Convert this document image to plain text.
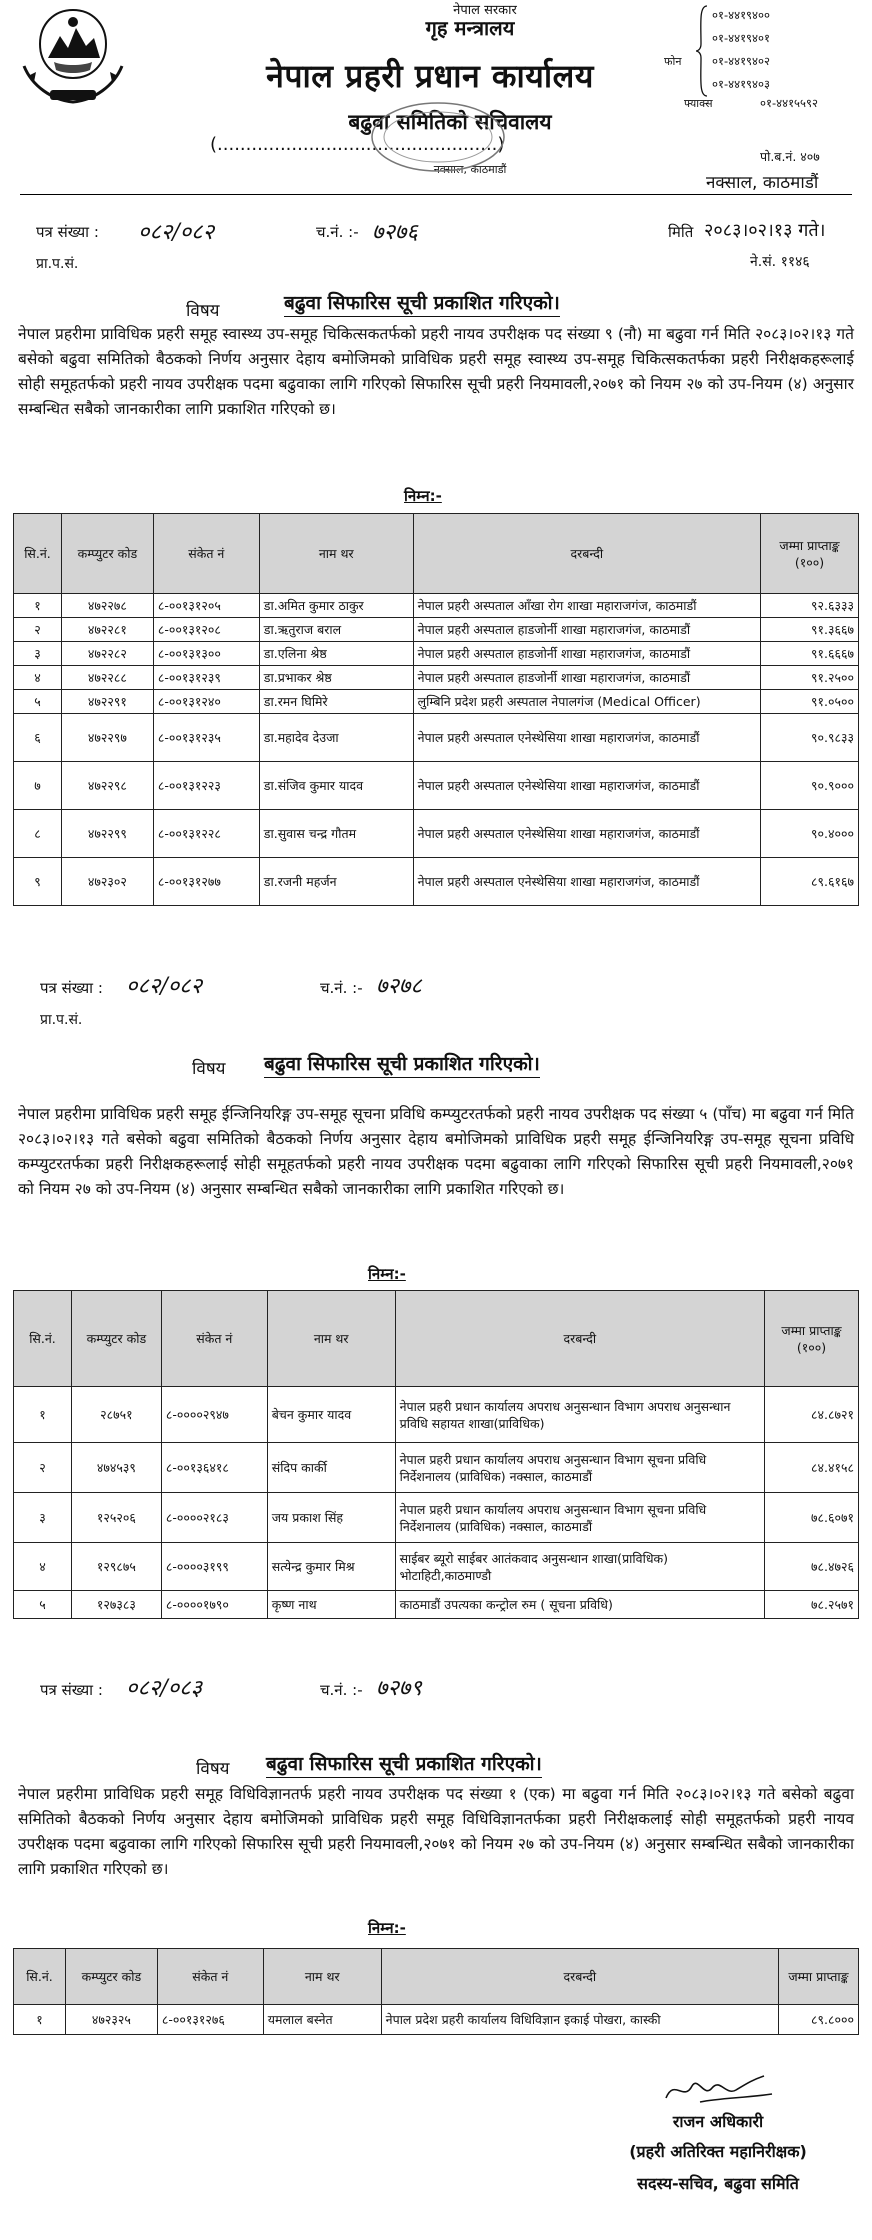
नेपाल सरकार
गृह मन्त्रालय
नेपाल प्रहरी प्रधान कार्यालय
बढुवा समितिको सचिवालय
(.................................................)
नक्साल, काठमाडौं
०१-४४१९४००
०१-४४१९४०१
०१-४४१९४०२
०१-४४१९४०३
फोन
फ्याक्स	०१-४४१५५९२
पो.ब.नं. ४०७
नक्साल, काठमाडौं
पत्र संख्या : ०८२/०८२	च.नं. :- ७२७६	मिति २०८३।०२।१३ गते।
प्रा.प.सं.	ने.सं. ११४६
विषय	बढुवा सिफारिस सूची प्रकाशित गरिएको।
नेपाल प्रहरीमा प्राविधिक प्रहरी समूह स्वास्थ्य उप-समूह चिकित्सकतर्फको प्रहरी नायव उपरीक्षक पद संख्या ९ (नौ) मा बढुवा गर्न मिति २०८३।०२।१३ गते बसेको बढुवा समितिको बैठकको निर्णय अनुसार देहाय बमोजिमको प्राविधिक प्रहरी समूह स्वास्थ्य उप-समूह चिकित्सकतर्फका प्रहरी निरीक्षकहरूलाई सोही समूहतर्फको प्रहरी नायव उपरीक्षक पदमा बढुवाका लागि गरिएको सिफारिस सूची प्रहरी नियमावली,२०७१ को नियम २७ को उप-नियम (४) अनुसार सम्बन्धित सबैको जानकारीका लागि प्रकाशित गरिएको छ।
निम्न:-
सि.नं.	कम्प्युटर कोड	संकेत नं	नाम थर	दरबन्दी	जम्मा प्राप्ताङ्क (१००)
१	४७२२७८	८-००१३१२०५	डा.अमित कुमार ठाकुर	नेपाल प्रहरी अस्पताल आँखा रोग शाखा महाराजगंज, काठमाडौं	९२.६३३३
२	४७२२८१	८-००१३१२०८	डा.ऋतुराज बराल	नेपाल प्रहरी अस्पताल हाडजोर्नी शाखा महाराजगंज, काठमाडौं	९१.३६६७
३	४७२२८२	८-००१३१३००	डा.एलिना श्रेष्ठ	नेपाल प्रहरी अस्पताल हाडजोर्नी शाखा महाराजगंज, काठमाडौं	९१.६६६७
४	४७२२८८	८-००१३१२३९	डा.प्रभाकर श्रेष्ठ	नेपाल प्रहरी अस्पताल हाडजोर्नी शाखा महाराजगंज, काठमाडौं	९१.२५००
५	४७२२९१	८-००१३१२४०	डा.रमन घिमिरे	लुम्बिनि प्रदेश प्रहरी अस्पताल नेपालगंज (Medical Officer)	९१.०५००
६	४७२२९७	८-००१३१२३५	डा.महादेव देउजा	नेपाल प्रहरी अस्पताल एनेस्थेसिया शाखा महाराजगंज, काठमाडौं	९०.९८३३
७	४७२२९८	८-००१३१२२३	डा.संजिव कुमार यादव	नेपाल प्रहरी अस्पताल एनेस्थेसिया शाखा महाराजगंज, काठमाडौं	९०.९०००
८	४७२२९९	८-००१३१२२८	डा.सुवास चन्द्र गौतम	नेपाल प्रहरी अस्पताल एनेस्थेसिया शाखा महाराजगंज, काठमाडौं	९०.४०००
९	४७२३०२	८-००१३१२७७	डा.रजनी महर्जन	नेपाल प्रहरी अस्पताल एनेस्थेसिया शाखा महाराजगंज, काठमाडौं	८९.६१६७
पत्र संख्या : ०८२/०८२	च.नं. :- ७२७८
प्रा.प.सं.
विषय बढुवा सिफारिस सूची प्रकाशित गरिएको।
नेपाल प्रहरीमा प्राविधिक प्रहरी समूह ईन्जिनियरिङ्ग उप-समूह सूचना प्रविधि कम्प्युटरतर्फको प्रहरी नायव उपरीक्षक पद संख्या ५ (पाँच) मा बढुवा गर्न मिति २०८३।०२।१३ गते बसेको बढुवा समितिको बैठकको निर्णय अनुसार देहाय बमोजिमको प्राविधिक प्रहरी समूह ईन्जिनियरिङ्ग उप-समूह सूचना प्रविधि कम्प्युटरतर्फका प्रहरी निरीक्षकहरूलाई सोही समूहतर्फको प्रहरी नायव उपरीक्षक पदमा बढुवाका लागि गरिएको सिफारिस सूची प्रहरी नियमावली,२०७१ को नियम २७ को उप-नियम (४) अनुसार सम्बन्धित सबैको जानकारीका लागि प्रकाशित गरिएको छ।
निम्न:-
सि.नं.	कम्प्युटर कोड	संकेत नं	नाम थर	दरबन्दी	जम्मा प्राप्ताङ्क (१००)
१	२८७५१	८-००००२९४७	बेचन कुमार यादव	नेपाल प्रहरी प्रधान कार्यालय अपराध अनुसन्धान विभाग अपराध अनुसन्धान प्रविधि सहायत शाखा(प्राविधिक)	८४.८७२१
२	४७४५३९	८-००१३६४१८	संदिप कार्की	नेपाल प्रहरी प्रधान कार्यालय अपराध अनुसन्धान विभाग सूचना प्रविधि निर्देशनालय (प्राविधिक) नक्साल, काठमाडौं	८४.४१५८
३	१२५२०६	८-००००२१८३	जय प्रकाश सिंह	नेपाल प्रहरी प्रधान कार्यालय अपराध अनुसन्धान विभाग सूचना प्रविधि निर्देशनालय (प्राविधिक) नक्साल, काठमाडौं	७८.६०७१
४	१२९८७५	८-००००३१९९	सत्येन्द्र कुमार मिश्र	साईबर ब्यूरो साईबर आतंकवाद अनुसन्धान शाखा(प्राविधिक) भोटाहिटी,काठमाण्डौ	७८.४७२६
५	१२७३८३	८-००००१७९०	कृष्ण नाथ	काठमाडौं उपत्यका कन्ट्रोल रुम ( सूचना प्रविधि)	७८.२५७१
पत्र संख्या : ०८२/०८३	च.नं. :- ७२७९
विषय बढुवा सिफारिस सूची प्रकाशित गरिएको।
नेपाल प्रहरीमा प्राविधिक प्रहरी समूह विधिविज्ञानतर्फ प्रहरी नायव उपरीक्षक पद संख्या १ (एक) मा बढुवा गर्न मिति २०८३।०२।१३ गते बसेको बढुवा समितिको बैठकको निर्णय अनुसार देहाय बमोजिमको प्राविधिक प्रहरी समूह विधिविज्ञानतर्फका प्रहरी निरीक्षकलाई सोही समूहतर्फको प्रहरी नायव उपरीक्षक पदमा बढुवाका लागि गरिएको सिफारिस सूची प्रहरी नियमावली,२०७१ को नियम २७ को उप-नियम (४) अनुसार सम्बन्धित सबैको जानकारीका लागि प्रकाशित गरिएको छ।
निम्न:-
सि.नं.	कम्प्युटर कोड	संकेत नं	नाम थर	दरबन्दी	जम्मा प्राप्ताङ्क
१	४७२३२५	८-००१३१२७६	यमलाल बस्नेत	नेपाल प्रदेश प्रहरी कार्यालय विधिविज्ञान इकाई पोखरा, कास्की	८९.८०००
राजन अधिकारी
(प्रहरी अतिरिक्त महानिरीक्षक)
सदस्य-सचिव, बढुवा समिति
